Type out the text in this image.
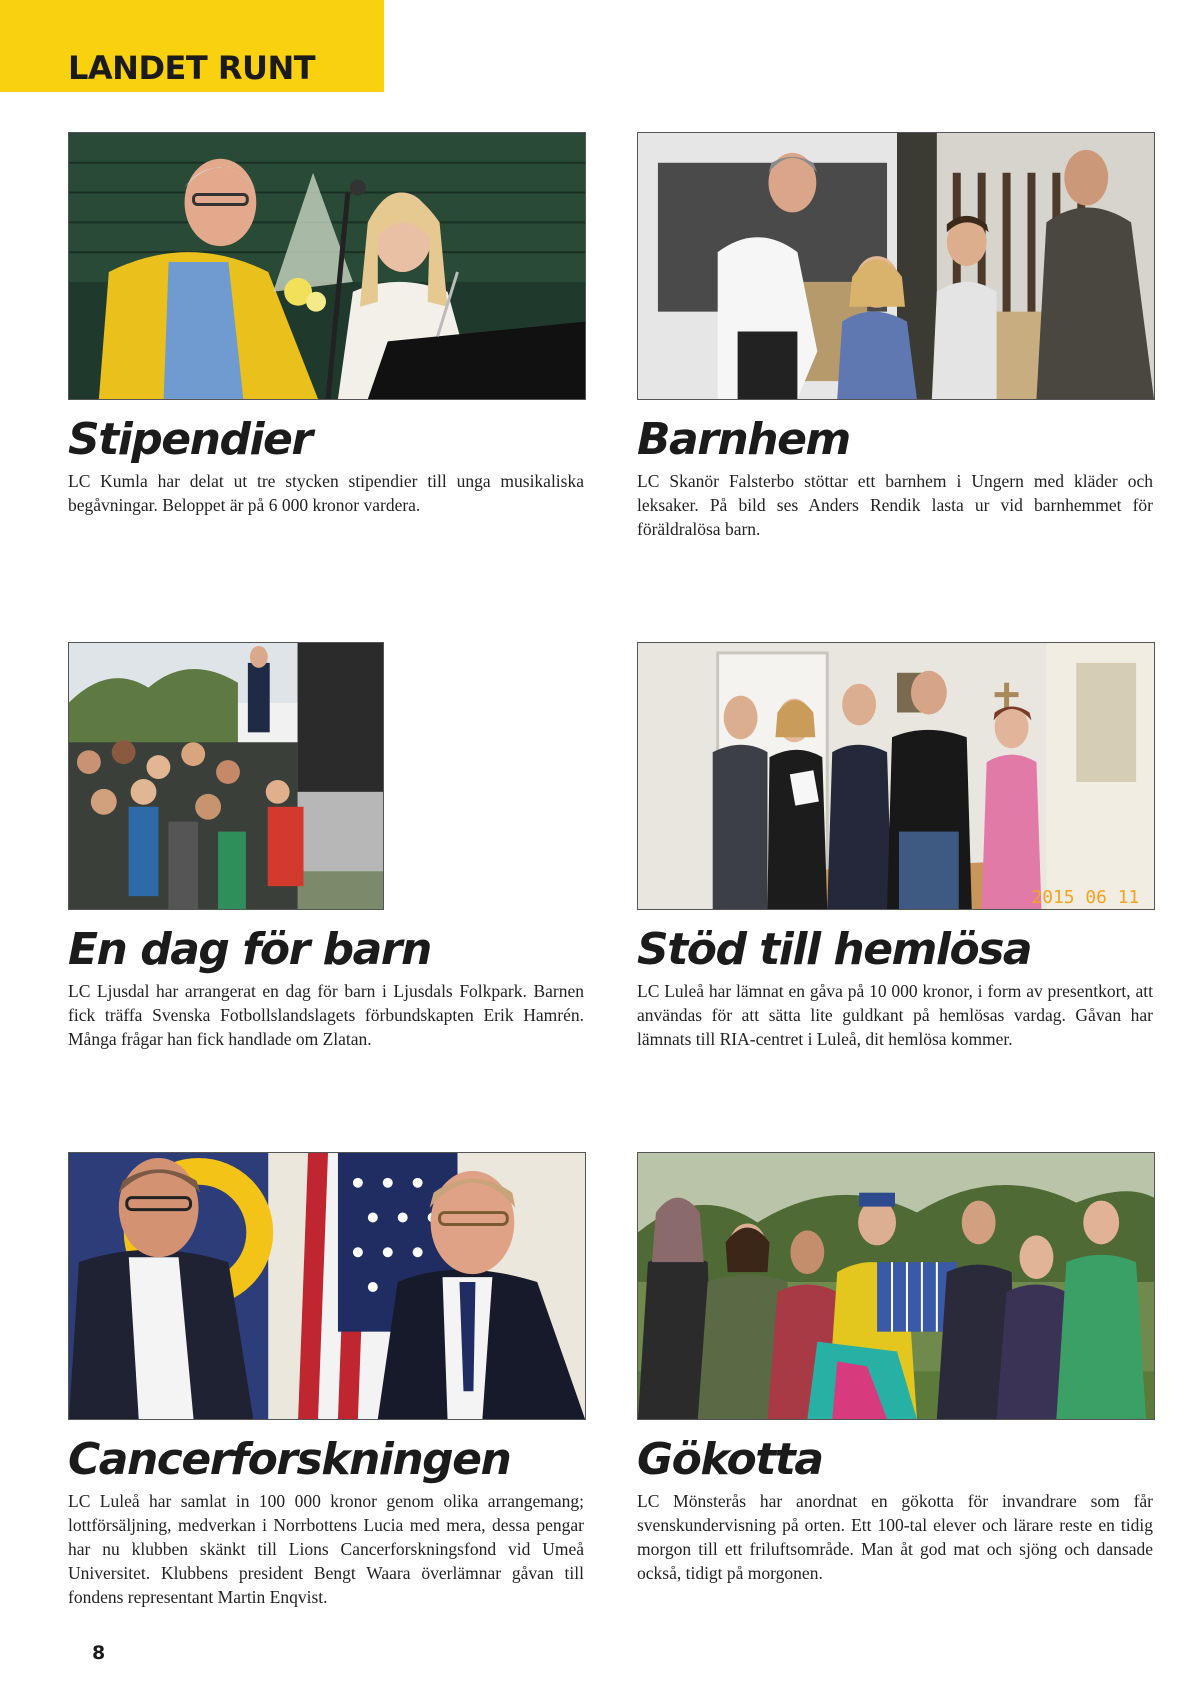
LANDET RUNT
Stipendier

LC Kumla har delat ut tre stycken stipendier till unga musikaliska begåvningar. Beloppet är på 6 000 kronor vardera.

Barnhem

LC Skanör Falsterbo stöttar ett barnhem i Ungern med kläder och leksaker. På bild ses Anders Rendik lasta ur vid barnhemmet för föräldralösa barn.

En dag för barn

LC Ljusdal har arrangerat en dag för barn i Ljusdals Folkpark. Barnen fick träffa Svenska Fotbollslandslagets förbundskapten Erik Hamrén. Många frågar han fick handlade om Zlatan.

2015 06 11
Stöd till hemlösa

LC Luleå har lämnat en gåva på 10 000 kronor, i form av presentkort, att användas för att sätta lite guldkant på hemlösas vardag. Gåvan har lämnats till RIA-centret i Luleå, dit hemlösa kommer.

Cancerforskningen

LC Luleå har samlat in 100 000 kronor genom olika arrangemang; lottförsäljning, medverkan i Norrbottens Lucia med mera, dessa pengar har nu klubben skänkt till Lions Cancerforskningsfond vid Umeå Universitet. Klubbens president Bengt Waara överlämnar gåvan till fondens representant Martin Enqvist.

Gökotta

LC Mönsterås har anordnat en gökotta för invandrare som får svenskundervisning på orten. Ett 100-tal elever och lärare reste en tidig morgon till ett friluftsområde. Man åt god mat och sjöng och dansade också, tidigt på morgonen.

8
